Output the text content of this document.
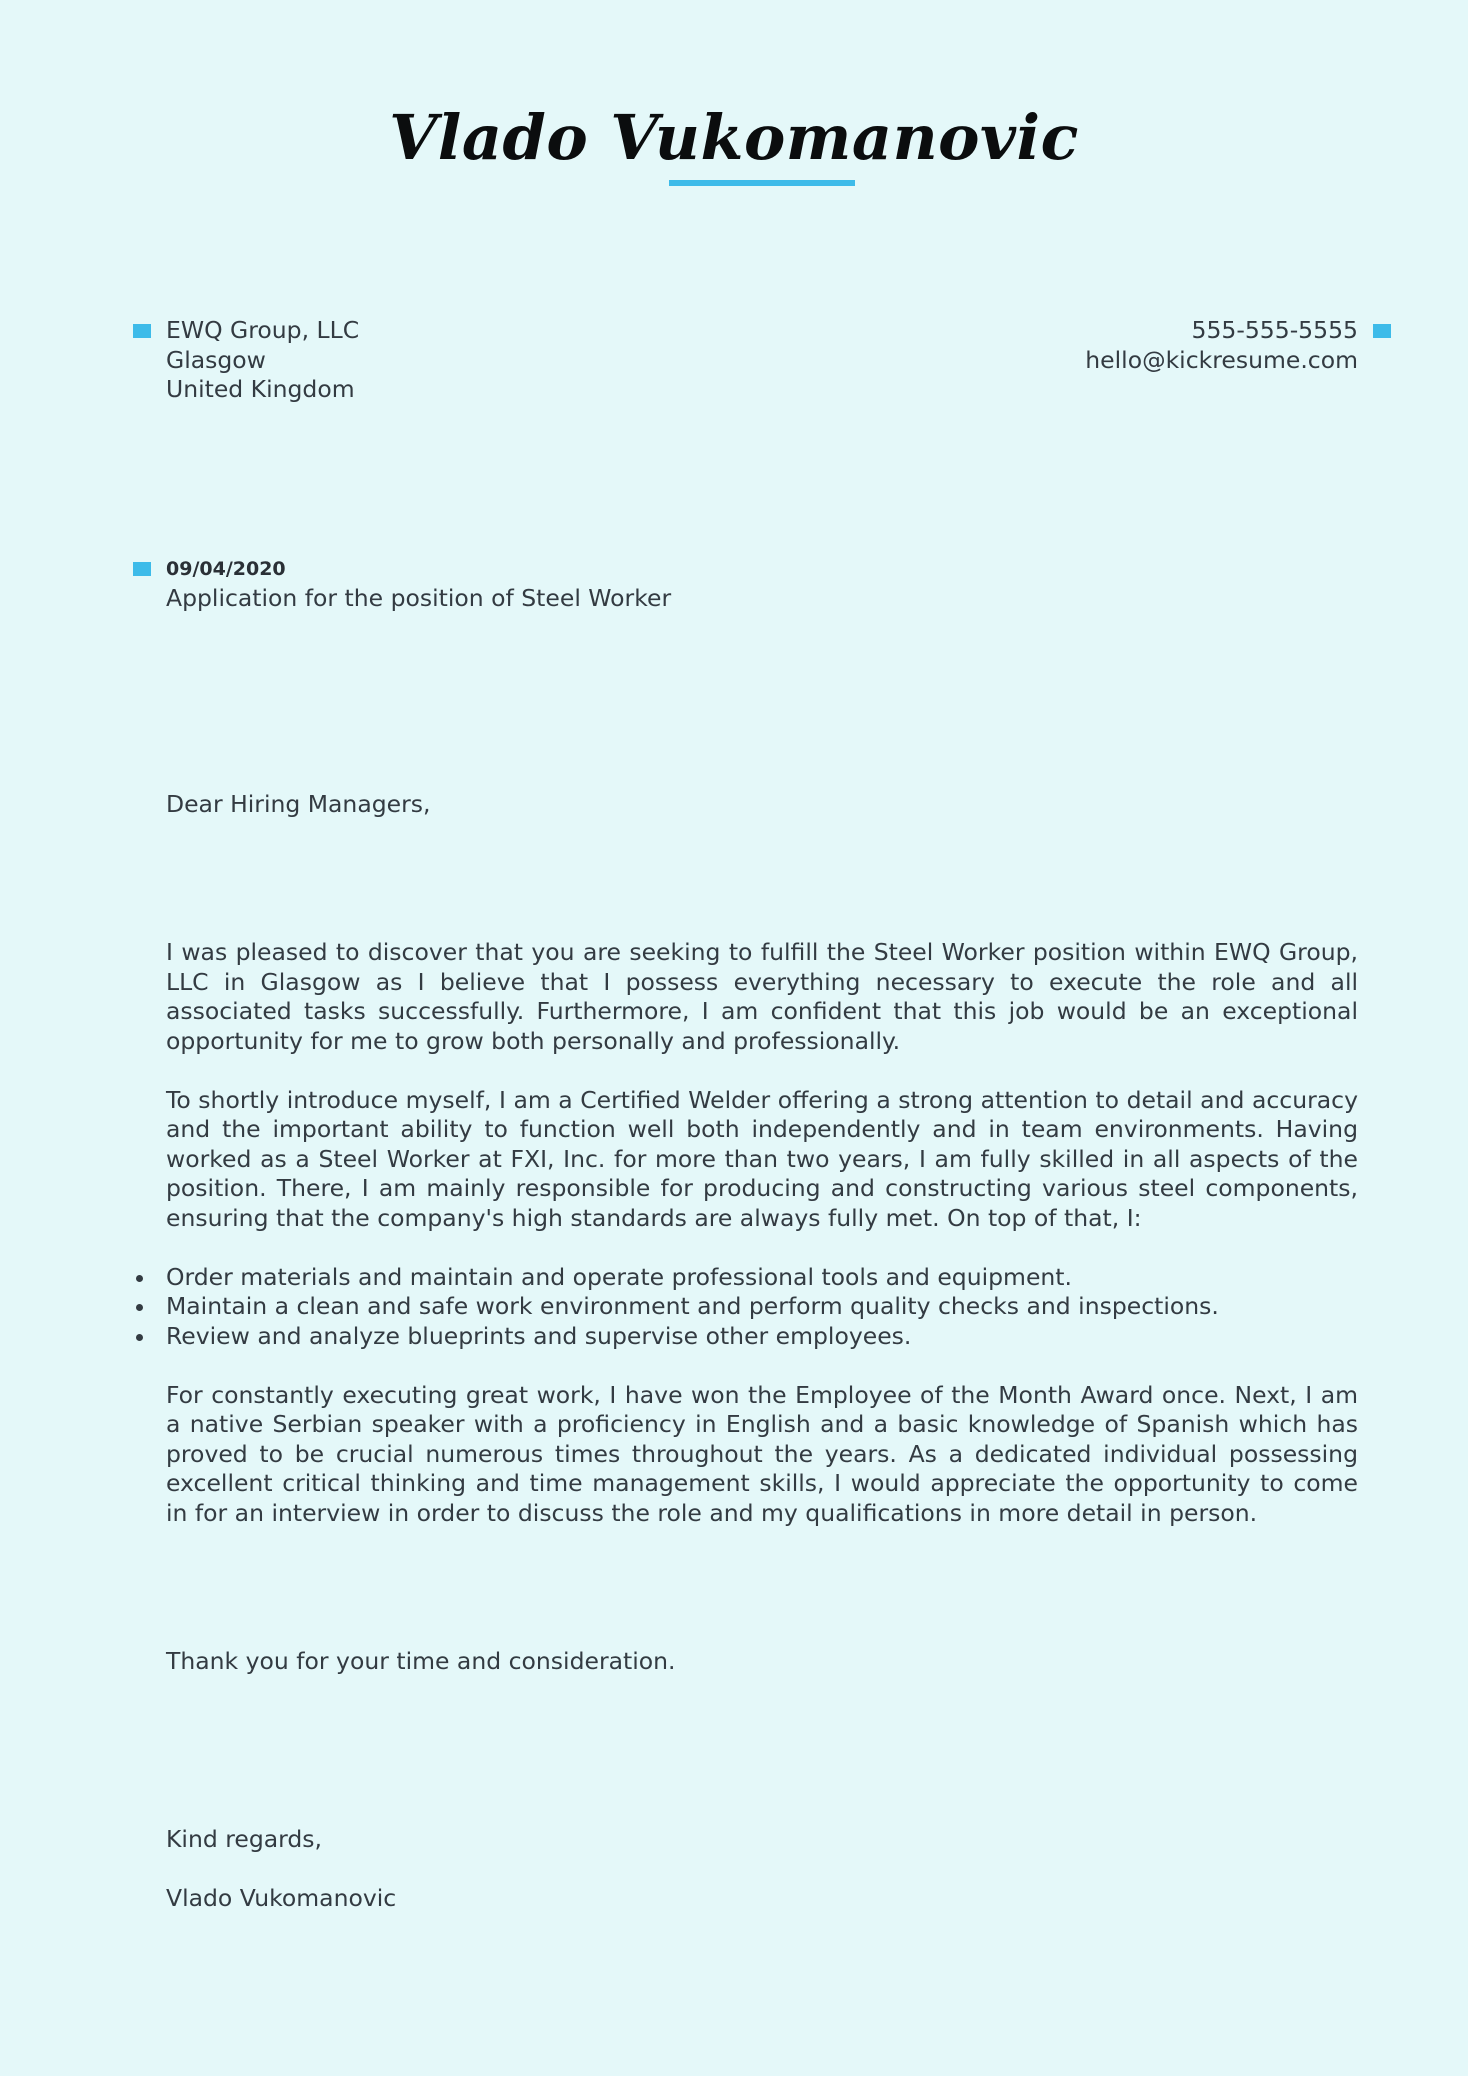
Vlado Vukomanovic

EWQ Group, LLC

Glasgow

United Kingdom

555-555-5555

hello@kickresume.com

09/04/2020

Application for the position of Steel Worker

Dear Hiring Managers,

I was pleased to discover that you are seeking to fulfill the Steel Worker position within EWQ Group, LLC in Glasgow as I believe that I possess everything necessary to execute the role and all associated tasks successfully. Furthermore, I am confident that this job would be an exceptional opportunity for me to grow both personally and professionally.

To shortly introduce myself, I am a Certified Welder offering a strong attention to detail and accuracy and the important ability to function well both independently and in team environments. Having worked as a Steel Worker at FXI, Inc. for more than two years, I am fully skilled in all aspects of the position. There, I am mainly responsible for producing and constructing various steel components, ensuring that the company's high standards are always fully met. On top of that, I:

Order materials and maintain and operate professional tools and equipment.
Maintain a clean and safe work environment and perform quality checks and inspections.
Review and analyze blueprints and supervise other employees.

For constantly executing great work, I have won the Employee of the Month Award once. Next, I am a native Serbian speaker with a proficiency in English and a basic knowledge of Spanish which has proved to be crucial numerous times throughout the years. As a dedicated individual possessing excellent critical thinking and time management skills, I would appreciate the opportunity to come in for an interview in order to discuss the role and my qualifications in more detail in person.

Thank you for your time and consideration.

Kind regards,

Vlado Vukomanovic
